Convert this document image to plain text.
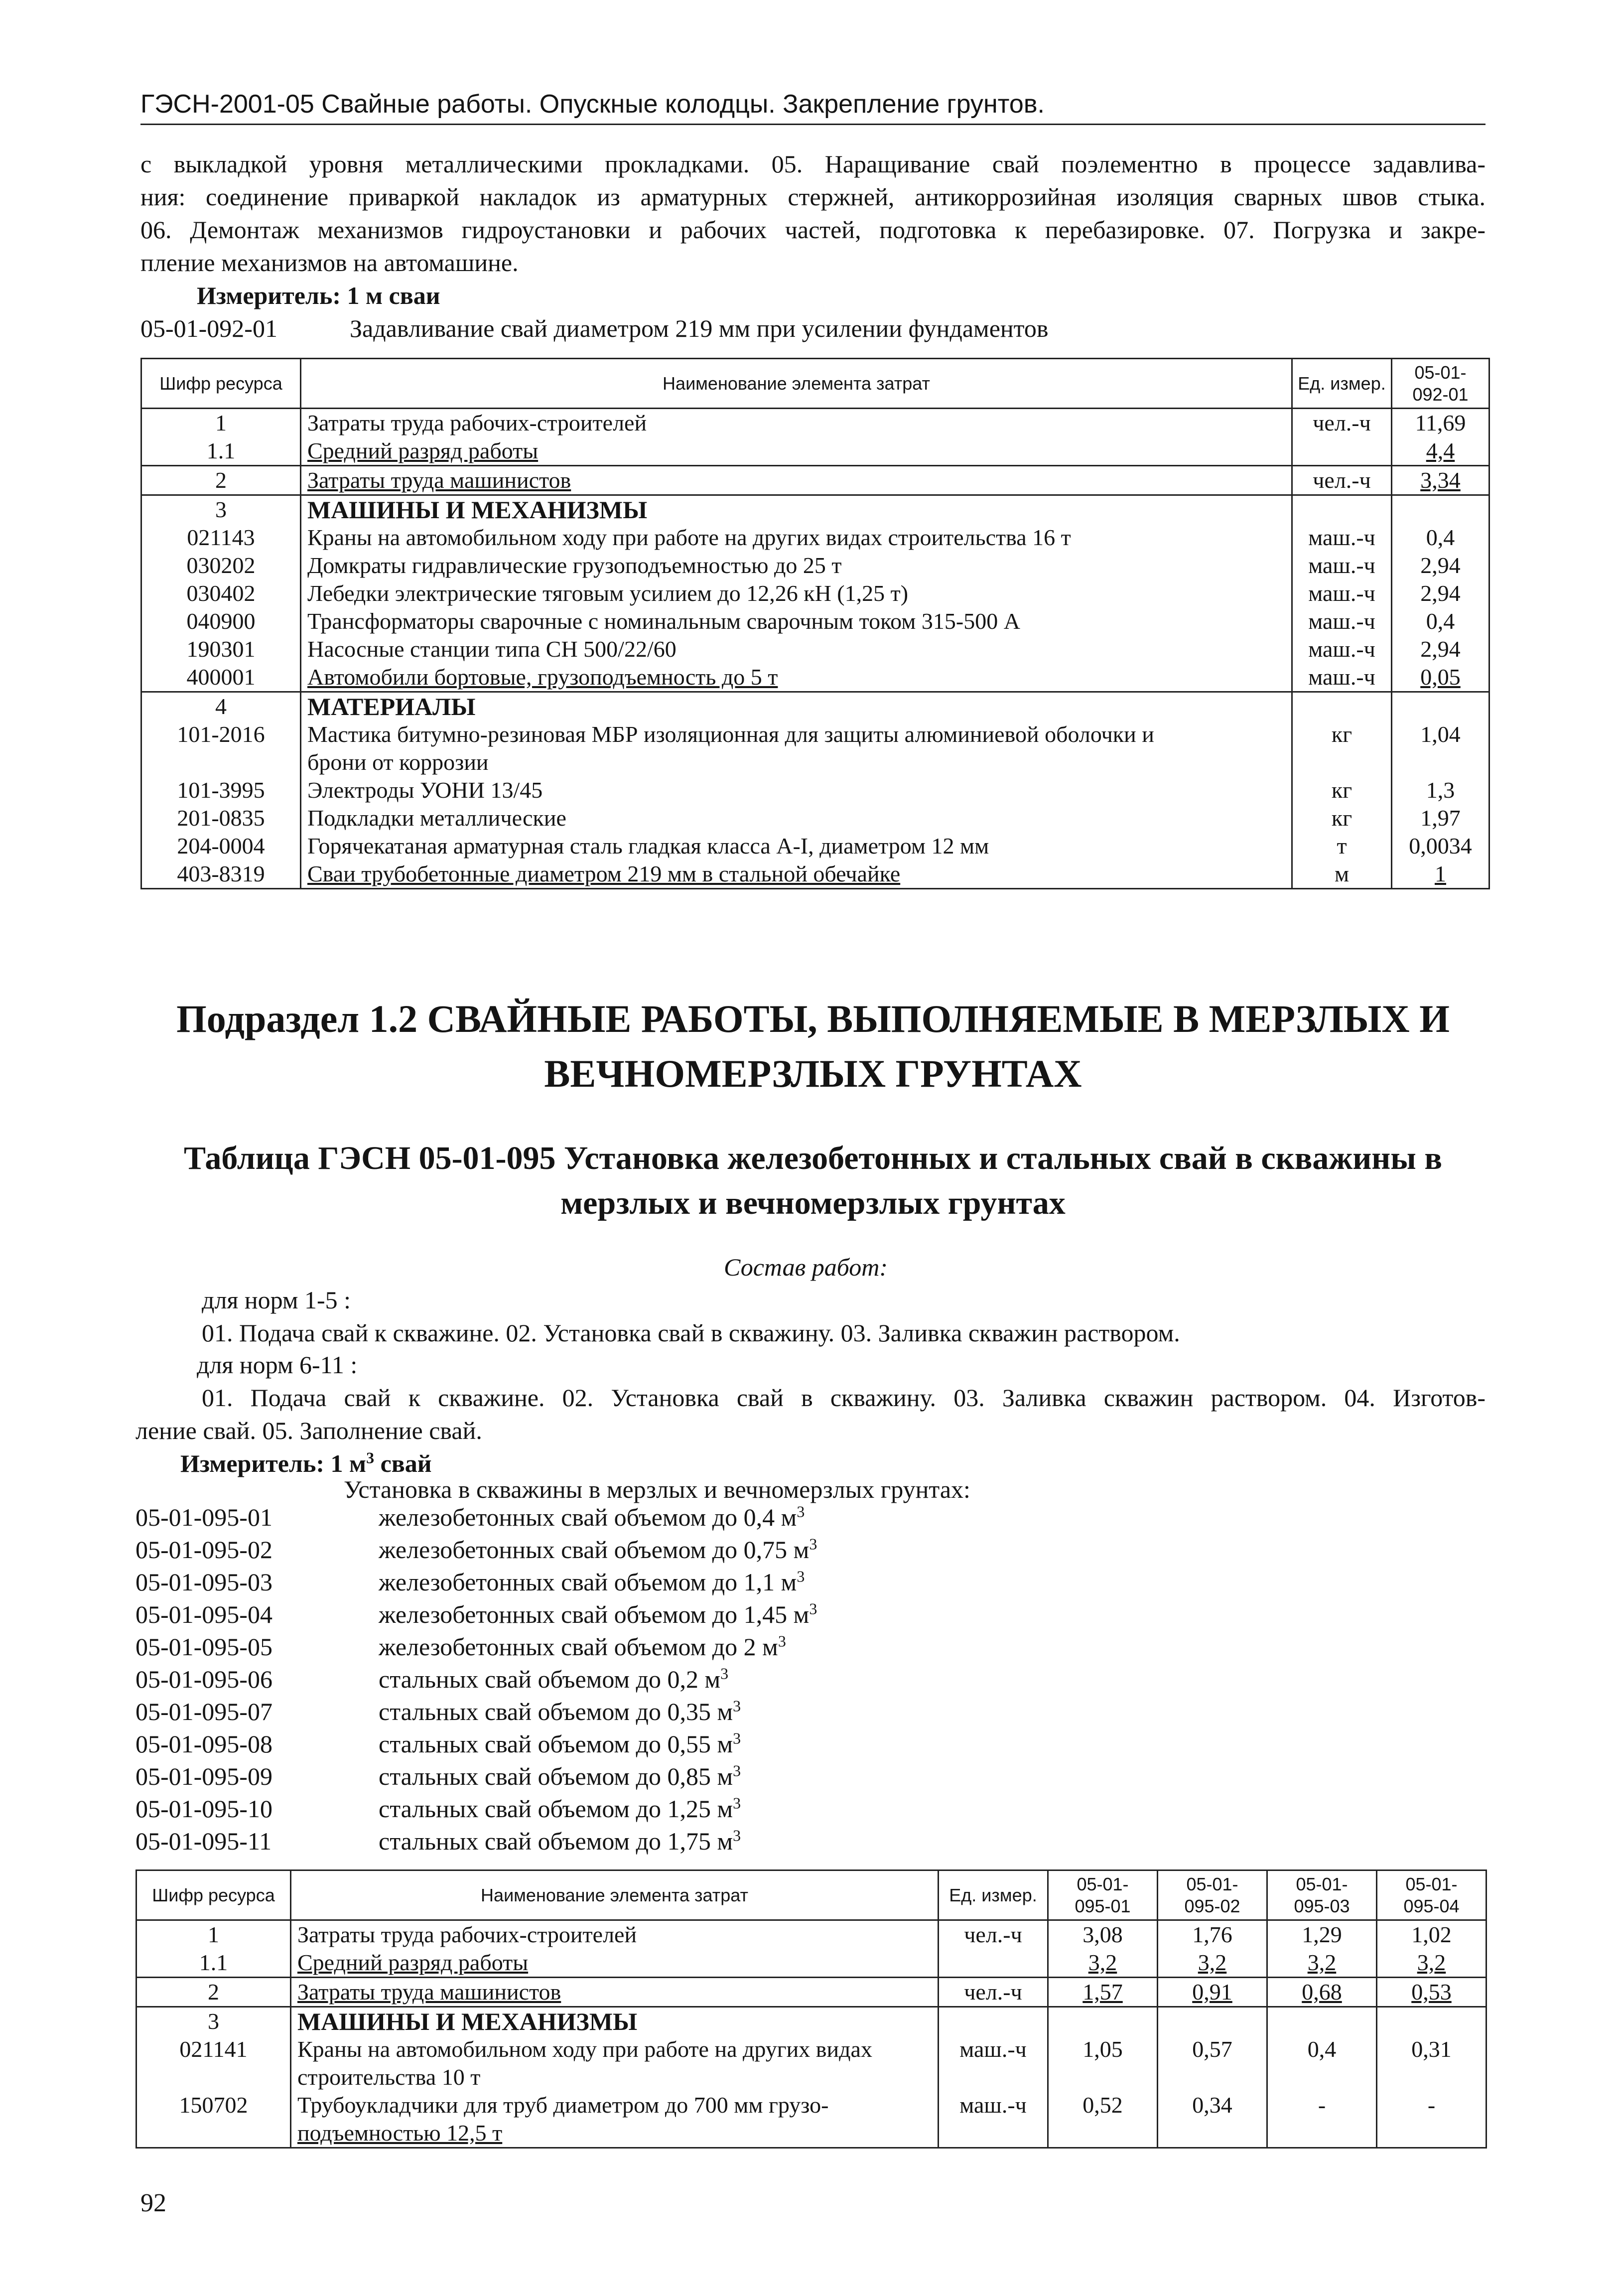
ГЭСН-2001-05 Свайные работы. Опускные колодцы. Закрепление грунтов.
с выкладкой уровня металлическими прокладками. 05. Наращивание свай поэлементно в процессе задавлива-
ния: соединение приваркой накладок из арматурных стержней, антикоррозийная изоляция сварных швов стыка.
06. Демонтаж механизмов гидроустановки и рабочих частей, подготовка к перебазировке. 07. Погрузка и закре-
пление механизмов на автомашине.
Измеритель: 1 м сваи
05-01-092-01	Задавливание свай диаметром 219 мм при усилении фундаментов
Шифр ресурса	Наименование элемента затрат	Ед. измер.	05-01-
092-01
1	Затраты труда рабочих-строителей	чел.-ч	11,69
1.1	Средний разряд работы		4,4
2	Затраты труда машинистов	чел.-ч	3,34
3	МАШИНЫ И МЕХАНИЗМЫ		
021143	Краны на автомобильном ходу при работе на других видах строительства 16 т	маш.-ч	0,4
030202	Домкраты гидравлические грузоподъемностью до 25 т	маш.-ч	2,94
030402	Лебедки электрические тяговым усилием до 12,26 кН (1,25 т)	маш.-ч	2,94
040900	Трансформаторы сварочные с номинальным сварочным током 315-500 А	маш.-ч	0,4
190301	Насосные станции типа СН 500/22/60	маш.-ч	2,94
400001	Автомобили бортовые, грузоподъемность до 5 т	маш.-ч	0,05
4	МАТЕРИАЛЫ		
101-2016	Мастика битумно-резиновая МБР изоляционная для защиты алюминиевой оболочки и
брони от коррозии	кг	1,04
101-3995	Электроды УОНИ 13/45	кг	1,3
201-0835	Подкладки металлические	кг	1,97
204-0004	Горячекатаная арматурная сталь гладкая класса А-I, диаметром 12 мм	т	0,0034
403-8319	Сваи трубобетонные диаметром 219 мм в стальной обечайке	м	1
Подраздел 1.2 СВАЙНЫЕ РАБОТЫ, ВЫПОЛНЯЕМЫЕ В МЕРЗЛЫХ И
ВЕЧНОМЕРЗЛЫХ ГРУНТАХ
Таблица ГЭСН 05-01-095 Установка железобетонных и стальных свай в скважины в
мерзлых и вечномерзлых грунтах
Состав работ:
для норм 1-5 :
01. Подача свай к скважине. 02. Установка свай в скважину. 03. Заливка скважин раствором.
для норм 6-11 :
01. Подача свай к скважине. 02. Установка свай в скважину. 03. Заливка скважин раствором. 04. Изготов-
ление свай. 05. Заполнение свай.
Измеритель: 1 $м^3$ свай
Установка в скважины в мерзлых и вечномерзлых грунтах:
05-01-095-01	железобетонных свай объемом до 0,4 $м^3$
05-01-095-02	железобетонных свай объемом до 0,75 $м^3$
05-01-095-03	железобетонных свай объемом до 1,1 $м^3$
05-01-095-04	железобетонных свай объемом до 1,45 $м^3$
05-01-095-05	железобетонных свай объемом до 2 $м^3$
05-01-095-06	стальных свай объемом до 0,2 $м^3$
05-01-095-07	стальных свай объемом до 0,35 $м^3$
05-01-095-08	стальных свай объемом до 0,55 $м^3$
05-01-095-09	стальных свай объемом до 0,85 $м^3$
05-01-095-10	стальных свай объемом до 1,25 $м^3$
05-01-095-11	стальных свай объемом до 1,75 $м^3$
Шифр ресурса	Наименование элемента затрат	Ед. измер.	05-01-
095-01	05-01-
095-02	05-01-
095-03	05-01-
095-04
1	Затраты труда рабочих-строителей	чел.-ч	3,08	1,76	1,29	1,02
1.1	Средний разряд работы		3,2	3,2	3,2	3,2
2	Затраты труда машинистов	чел.-ч	1,57	0,91	0,68	0,53
3	МАШИНЫ И МЕХАНИЗМЫ					
021141	Краны на автомобильном ходу при работе на других видах
строительства 10 т	маш.-ч	1,05	0,57	0,4	0,31
150702	Трубоукладчики для труб диаметром до 700 мм грузо-
подъемностью 12,5 т	маш.-ч	0,52	0,34	-	-
92
